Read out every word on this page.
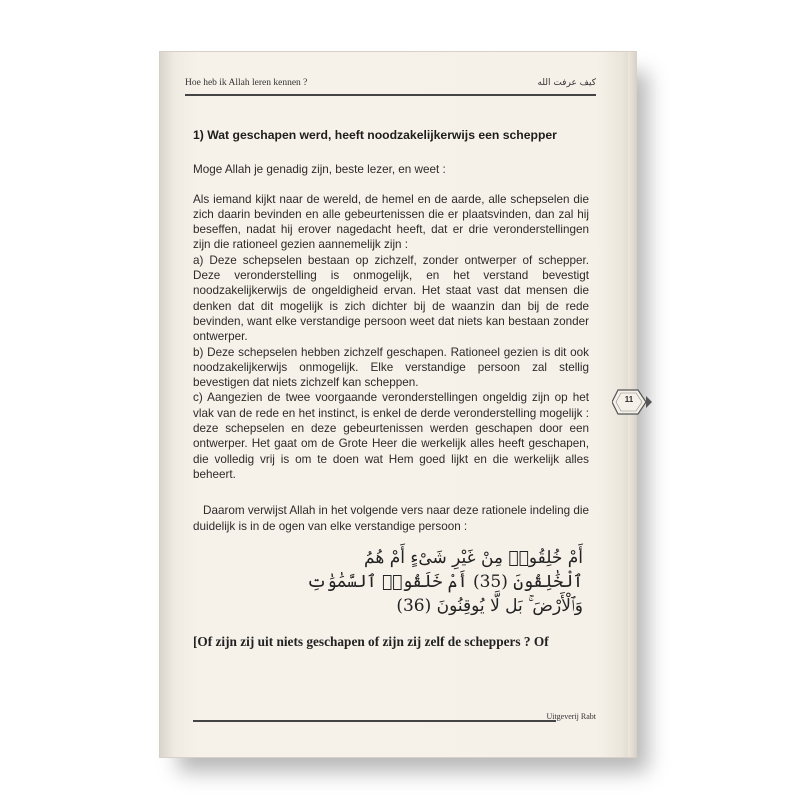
Hoe heb ik Allah leren kennen ?	كيف عرفت الله
1) Wat geschapen werd, heeft noodzakelijkerwijs een schepper
Moge Allah je genadig zijn, beste lezer, en weet :

Als iemand kijkt naar de wereld, de hemel en de aarde, alle schepselen die zich daarin bevinden en alle gebeurtenissen die er plaatsvinden, dan zal hij beseffen, nadat hij erover nagedacht heeft, dat er drie veronderstellingen zijn die rationeel gezien aannemelijk zijn :

a) Deze schepselen bestaan op zichzelf, zonder ontwerper of schepper. Deze veronderstelling is onmogelijk, en het verstand bevestigt noodzakelijkerwijs de ongeldigheid ervan. Het staat vast dat mensen die denken dat dit mogelijk is zich dichter bij de waanzin dan bij de rede bevinden, want elke verstandige persoon weet dat niets kan bestaan zonder ontwerper.

b) Deze schepselen hebben zichzelf geschapen. Rationeel gezien is dit ook noodzakelijkerwijs onmogelijk. Elke verstandige persoon zal stellig bevestigen dat niets zichzelf kan scheppen.

c) Aangezien de twee voorgaande veronderstellingen ongeldig zijn op het vlak van de rede en het instinct, is enkel de derde veronderstelling mogelijk : deze schepselen en deze gebeurtenissen werden geschapen door een ontwerper. Het gaat om de Grote Heer die werkelijk alles heeft geschapen, die volledig vrij is om te doen wat Hem goed lijkt en die werkelijk alles beheert.

Daarom verwijst Allah in het volgende vers naar deze rationele indeling die duidelijk is in de ogen van elke verstandige persoon :
أَمْ خُلِقُوا۟ مِنْ غَيْرِ شَىْءٍ أَمْ هُمُ
ٱلْخَٰلِقُونَ (35) أَمْ خَلَقُوا۟ ٱلسَّمَٰوَٰتِ
وَٱلْأَرْضَ ۚ بَل لَّا يُوقِنُونَ (36)
[Of zijn zij uit niets geschapen of zijn zij zelf de scheppers ? Of
Uitgeverij Rabt
11
